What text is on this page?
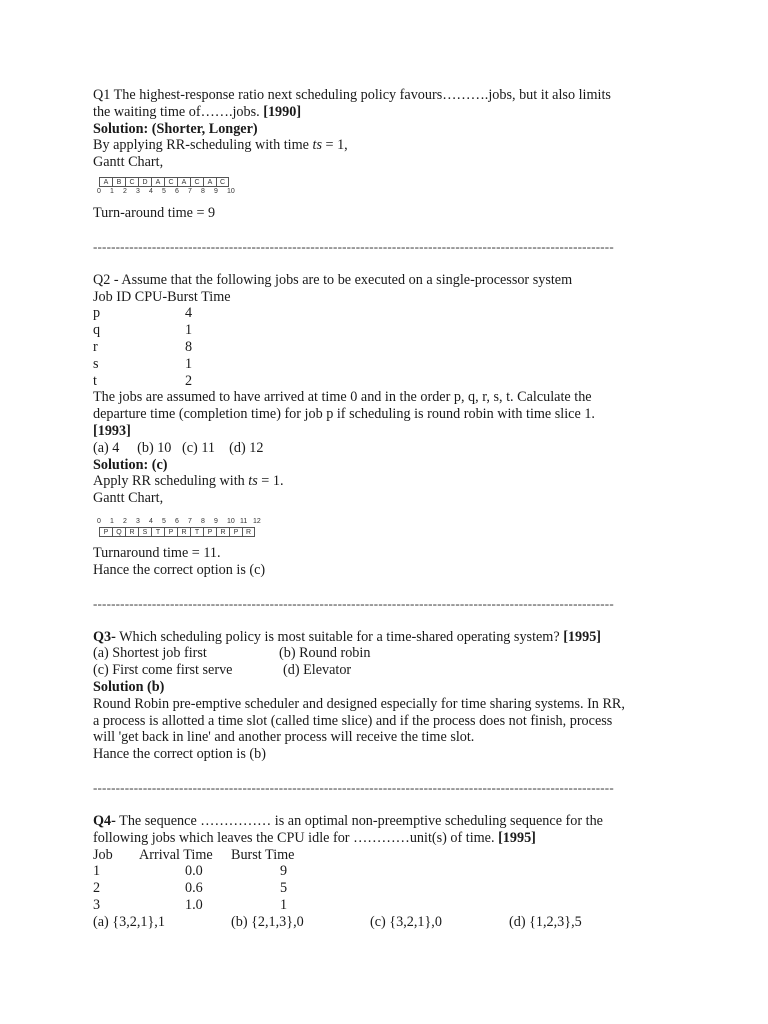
Q1 The highest-response ratio next scheduling policy favours……….jobs, but it also limits
the waiting time of…….jobs. [1990]
Solution: (Shorter, Longer)
By applying RR-scheduling with time ts = 1,
Gantt Chart,
A	B	C	D	A	C	A	C	A	C
0	1	2	3	4	5	6	7	8	9	10
Turn-around time = 9
-------------------------------------------------------------------------------------------------------------------
Q2 - Assume that the following jobs are to be executed on a single-processor system
Job ID CPU-Burst Time
p	4
q	1
r	8
s	1
t	2
The jobs are assumed to have arrived at time 0 and in the order p, q, r, s, t. Calculate the
departure time (completion time) for job p if scheduling is round robin with time slice 1.
[1993]
(a) 4     (b) 10   (c) 11    (d) 12
Solution: (c)
Apply RR scheduling with ts = 1.
Gantt Chart,
0	1	2	3	4	5	6	7	8	9	10 11 12
P	Q	R	S	T	P	R	T	P	R	P	R
Turnaround time = 11.
Hance the correct option is (c)
-------------------------------------------------------------------------------------------------------------------
Q3- Which scheduling policy is most suitable for a time-shared operating system? [1995]
(a) Shortest job first	(b) Round robin
(c) First come first serve	(d) Elevator
Solution (b)
Round Robin pre-emptive scheduler and designed especially for time sharing systems. In RR,
a process is allotted a time slot (called time slice) and if the process does not finish, process
will 'get back in line' and another process will receive the time slot.
Hance the correct option is (b)
-------------------------------------------------------------------------------------------------------------------
Q4- The sequence …………… is an optimal non-preemptive scheduling sequence for the
following jobs which leaves the CPU idle for …………unit(s) of time. [1995]
Job	Arrival Time	Burst Time
1	0.0	9
2	0.6	5
3	1.0	1
(a) {3,2,1},1	(b) {2,1,3},0	(c) {3,2,1},0	(d) {1,2,3},5
